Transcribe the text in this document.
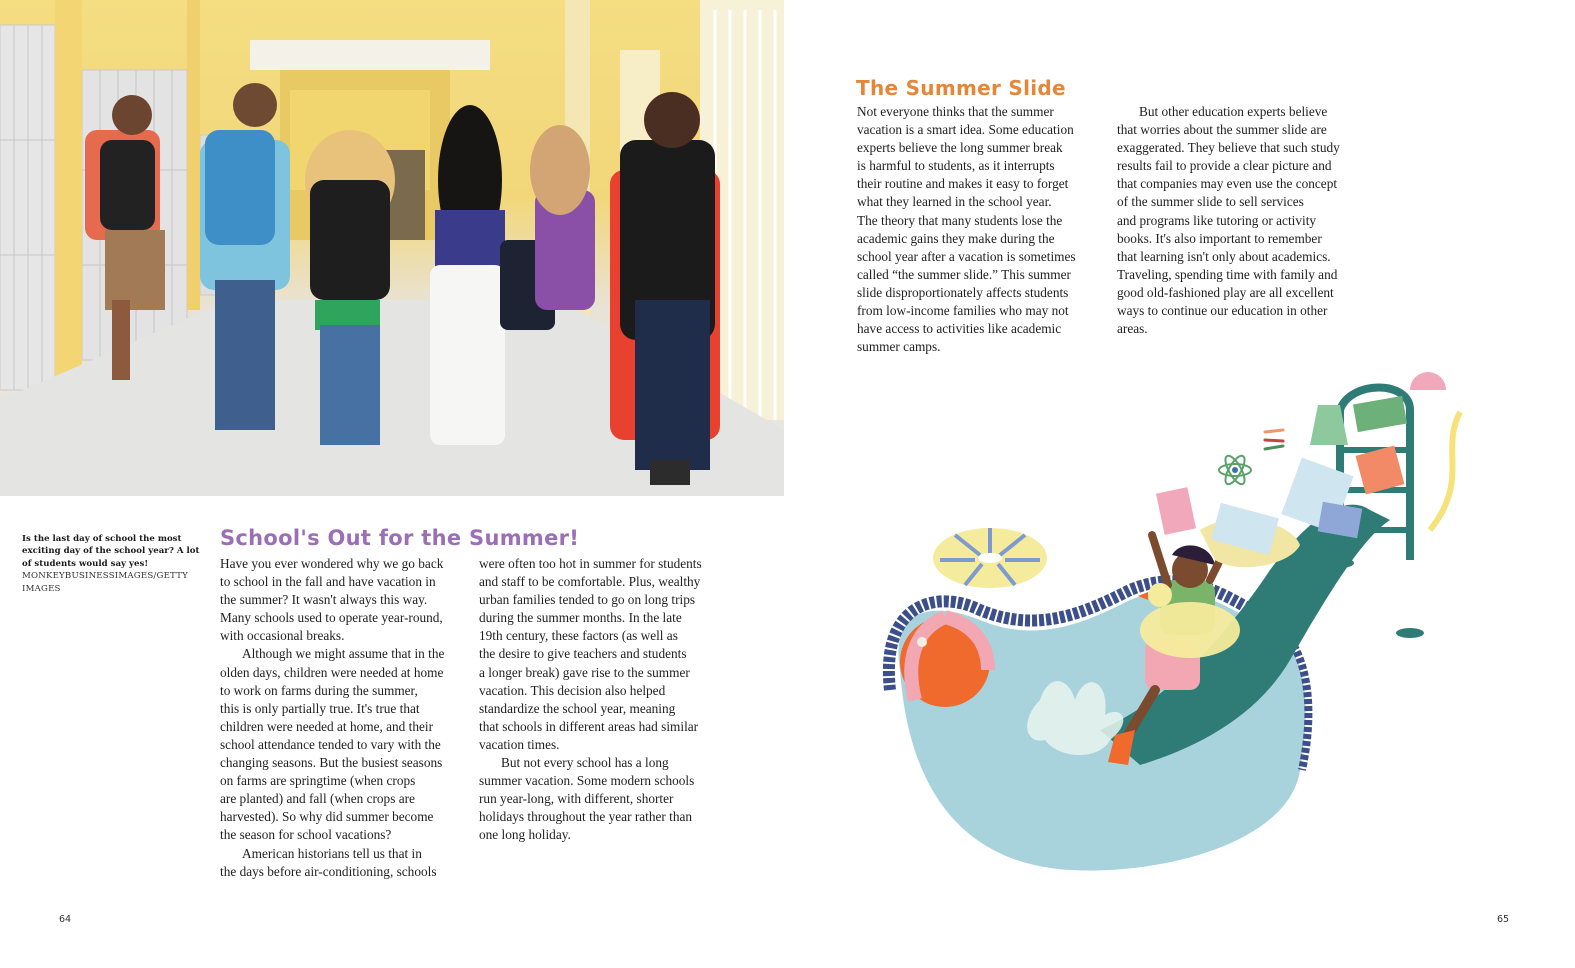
Is the last day of school the most exciting day of the school year? A lot of students would say yes!
MONKEYBUSINESSIMAGES/GETTY
IMAGES
School's Out for the Summer!
Have you ever wondered why we go back
to school in the fall and have vacation in
the summer? It wasn't always this way.
Many schools used to operate year-round,
with occasional breaks.
Although we might assume that in the
olden days, children were needed at home
to work on farms during the summer,
this is only partially true. It's true that
children were needed at home, and their
school attendance tended to vary with the
changing seasons. But the busiest seasons
on farms are springtime (when crops
are planted) and fall (when crops are
harvested). So why did summer become
the season for school vacations?
American historians tell us that in
the days before air-conditioning, schools
were often too hot in summer for students
and staff to be comfortable. Plus, wealthy
urban families tended to go on long trips
during the summer months. In the late
19th century, these factors (as well as
the desire to give teachers and students
a longer break) gave rise to the summer
vacation. This decision also helped
standardize the school year, meaning
that schools in different areas had similar
vacation times.
But not every school has a long
summer vacation. Some modern schools
run year-long, with different, shorter
holidays throughout the year rather than
one long holiday.
The Summer Slide
Not everyone thinks that the summer
vacation is a smart idea. Some education
experts believe the long summer break
is harmful to students, as it interrupts
their routine and makes it easy to forget
what they learned in the school year.
The theory that many students lose the
academic gains they make during the
school year after a vacation is sometimes
called “the summer slide.” This summer
slide disproportionately affects students
from low-income families who may not
have access to activities like academic
summer camps.
But other education experts believe
that worries about the summer slide are
exaggerated. They believe that such study
results fail to provide a clear picture and
that companies may even use the concept
of the summer slide to sell services
and programs like tutoring or activity
books. It's also important to remember
that learning isn't only about academics.
Traveling, spending time with family and
good old-fashioned play are all excellent
ways to continue our education in other
areas.
64	65
